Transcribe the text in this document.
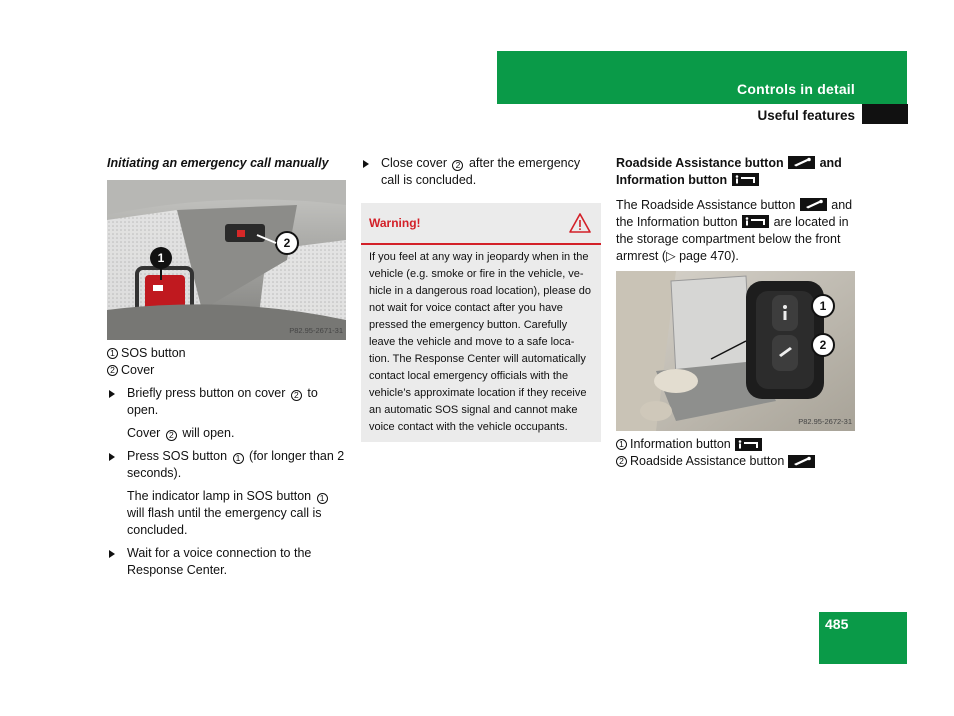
Controls in detail
Useful features

Initiating an emergency call manually

1
2
P82.95-2671-31
1 SOS button
2 Cover
Briefly press button on cover 2 to open.
Cover 2 will open.
Press SOS button 1 (for longer than 2 seconds).
The indicator lamp in SOS button 1 will flash until the emergency call is concluded.
Wait for a voice connection to the Response Center.
Close cover 2 after the emergency call is concluded.
Warning!
If you feel at any way in jeopardy when in the vehicle (e.g. smoke or fire in the vehicle, ve-hicle in a dangerous road location), please do not wait for voice contact after you have pressed the emergency button. Carefully leave the vehicle and move to a safe loca-tion. The Response Center will automatically contact local emergency officials with the vehicle’s approximate location if they receive an automatic SOS signal and cannot make voice contact with the vehicle occupants.

Roadside Assistance button	and Information button

The Roadside Assistance button	and the Information button	are located in the storage compartment below the front armrest (▷ page 470).

1
2
P82.95-2672-31
1 Information button
2 Roadside Assistance button
485
